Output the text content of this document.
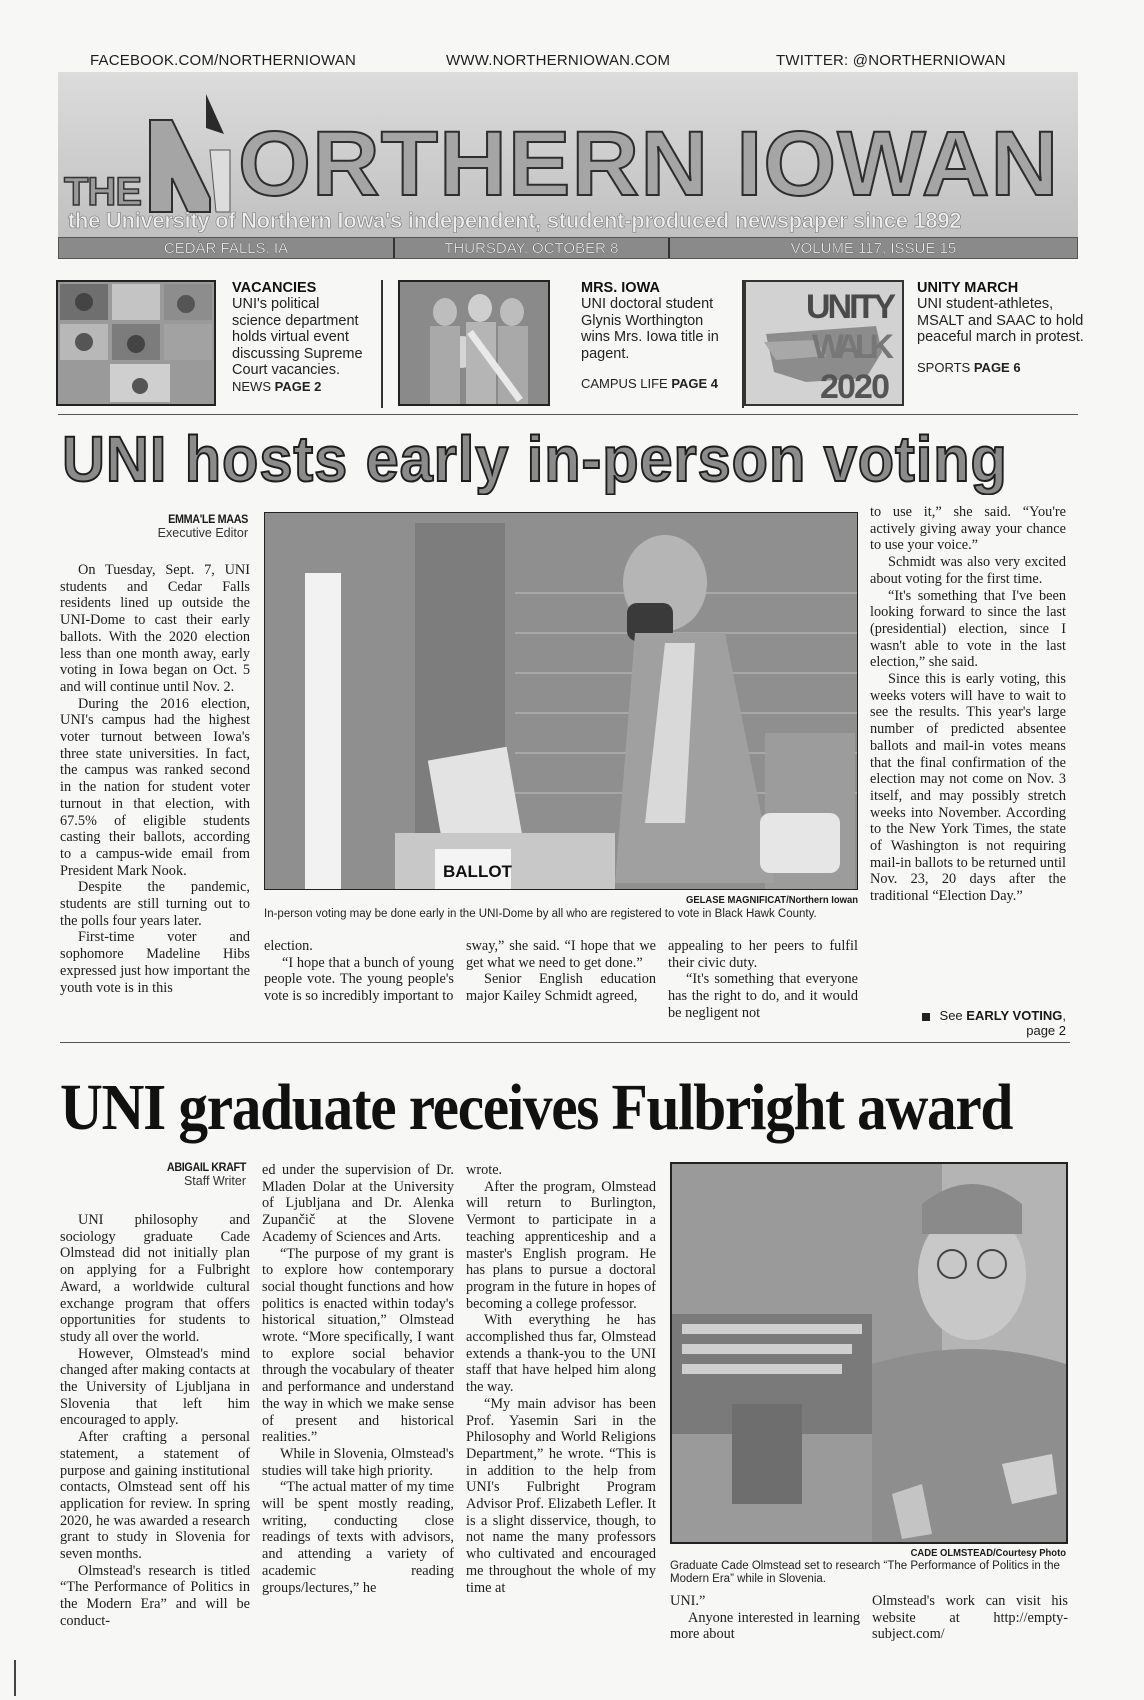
FACEBOOK.COM/NORTHERNIOWAN	WWW.NORTHERNIOWAN.COM	TWITTER: @NORTHERNIOWAN
THE ORTHERN IOWAN
the University of Northern Iowa's independent, student-produced newspaper since 1892
CEDAR FALLS, IA	THURSDAY, OCTOBER 8	VOLUME 117, ISSUE 15
VACANCIES
UNI's political science department holds virtual event discussing Supreme Court vacancies.
NEWS PAGE 2
MRS. IOWA
UNI doctoral student Glynis Worthington wins Mrs. Iowa title in pagent.
CAMPUS LIFE PAGE 4
UNITY
WALK
2020
UNITY MARCH
UNI student-athletes, MSALT and SAAC to hold peaceful march in protest.
SPORTS PAGE 6
UNI hosts early in-person voting
EMMA'LE MAAS
Executive Editor

On Tuesday, Sept. 7, UNI students and Cedar Falls residents lined up outside the UNI-Dome to cast their early ballots. With the 2020 election less than one month away, early voting in Iowa began on Oct. 5 and will continue until Nov. 2.

During the 2016 election, UNI's campus had the highest voter turnout between Iowa's three state universities. In fact, the campus was ranked second in the nation for student voter turnout in that election, with 67.5% of eligible students casting their ballots, according to a campus-wide email from President Mark Nook.

Despite the pandemic, students are still turning out to the polls four years later.

First-time voter and sophomore Madeline Hibs expressed just how important the youth vote is in this

BALLOT
GELASE MAGNIFICAT/Northern Iowan
In-person voting may be done early in the UNI-Dome by all who are registered to vote in Black Hawk County.

election.

“I hope that a bunch of young people vote. The young people's vote is so incredibly important to

sway,” she said. “I hope that we get what we need to get done.”

Senior English education major Kailey Schmidt agreed,

appealing to her peers to fulfil their civic duty.

“It's something that everyone has the right to do, and it would be negligent not

to use it,” she said. “You're actively giving away your chance to use your voice.”

Schmidt was also very excited about voting for the first time.

“It's something that I've been looking forward to since the last (presidential) election, since I wasn't able to vote in the last election,” she said.

Since this is early voting, this weeks voters will have to wait to see the results. This year's large number of predicted absentee ballots and mail-in votes means that the final confirmation of the election may not come on Nov. 3 itself, and may possibly stretch weeks into November. According to the New York Times, the state of Washington is not requiring mail-in ballots to be returned until Nov. 23, 20 days after the traditional “Election Day.”

See EARLY VOTING, page 2
UNI graduate receives Fulbright award
ABIGAIL KRAFT
Staff Writer

UNI philosophy and sociology graduate Cade Olmstead did not initially plan on applying for a Fulbright Award, a worldwide cultural exchange program that offers opportunities for students to study all over the world.

However, Olmstead's mind changed after making contacts at the University of Ljubljana in Slovenia that left him encouraged to apply.

After crafting a personal statement, a statement of purpose and gaining institutional contacts, Olmstead sent off his application for review. In spring 2020, he was awarded a research grant to study in Slovenia for seven months.

Olmstead's research is titled “The Performance of Politics in the Modern Era” and will be conduct-

ed under the supervision of Dr. Mladen Dolar at the University of Ljubljana and Dr. Alenka Zupančič at the Slovene Academy of Sciences and Arts.

“The purpose of my grant is to explore how contemporary social thought functions and how politics is enacted within today's historical situation,” Olmstead wrote. “More specifically, I want to explore social behavior through the vocabulary of theater and performance and understand the way in which we make sense of present and historical realities.”

While in Slovenia, Olmstead's studies will take high priority.

“The actual matter of my time will be spent mostly reading, writing, conducting close readings of texts with advisors, and attending a variety of academic reading groups/lectures,” he

wrote.

After the program, Olmstead will return to Burlington, Vermont to participate in a teaching apprenticeship and a master's English program. He has plans to pursue a doctoral program in the future in hopes of becoming a college professor.

With everything he has accomplished thus far, Olmstead extends a thank-you to the UNI staff that have helped him along the way.

“My main advisor has been Prof. Yasemin Sari in the Philosophy and World Religions Department,” he wrote. “This is in addition to the help from UNI's Fulbright Program Advisor Prof. Elizabeth Lefler. It is a slight disservice, though, to not name the many professors who cultivated and encouraged me throughout the whole of my time at

CADE OLMSTEAD/Courtesy Photo
Graduate Cade Olmstead set to research “The Performance of Politics in the Modern Era” while in Slovenia.

UNI.”

Anyone interested in learning more about

Olmstead's work can visit his website at http://empty-subject.com/
